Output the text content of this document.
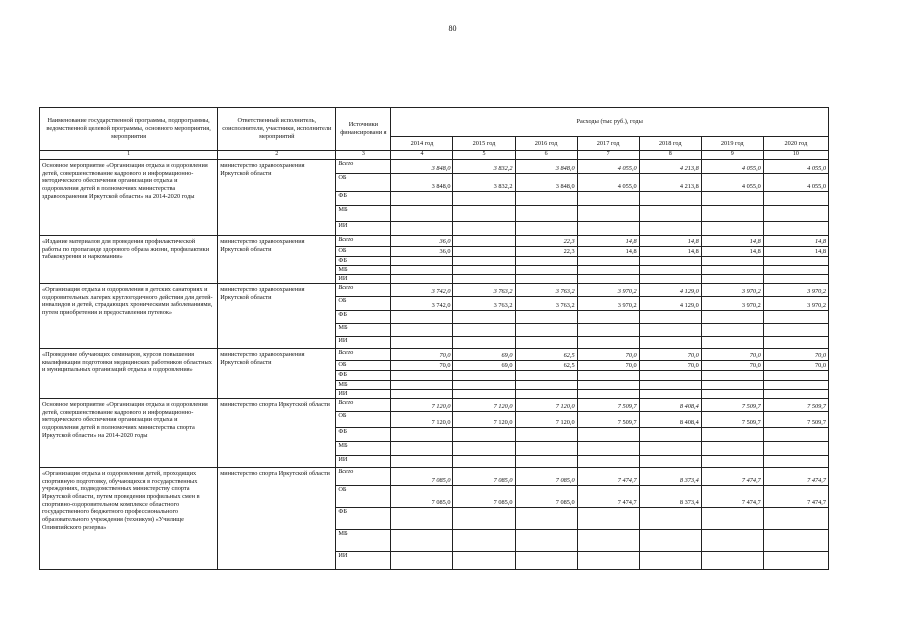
80
Наименование государственной программы, подпрограммы, ведомственной целевой программы, основного мероприятия, мероприятия	Ответственный исполнитель, соисполнители, участники, исполнители мероприятий	Источники финансировани я	Расходы (тыс руб.), годы						
			2014 год	2015 год	2016 год	2017 год	2018 год	2019 год	2020 год
1	2	3	4	5	6	7	8	9	10
Основное мероприятие «Организация отдыха и оздоровления детей, совершенствование кадрового и информационно-методического обеспечения организации отдыха и оздоровления детей в полномочиях министерства здравоохранения Иркутской области» на 2014-2020 годы	министерство здравоохранения Иркутской области	Всего	3 848,0	3 832,2	3 848,0	4 055,0	4 213,8	4 055,0	4 055,0
		ОБ	3 848,0	3 832,2	3 848,0	4 055,0	4 213,8	4 055,0	4 055,0
		ФБ							
		МБ							
		ИИ							
«Издание материалов для проведения профилактической работы по пропаганде здорового образа жизни, профилактики табакокурения и наркомании»	министерство здравоохранения Иркутской области	Всего	36,0		22,3	14,8	14,8	14,8	14,8
		ОБ	36,0		22,3	14,8	14,8	14,8	14,8
		ФБ							
		МБ							
		ИИ							
«Организация отдыха и оздоровления в детских санаториях и оздоровительных лагерях круглогодичного действия для детей-инвалидов и детей, страдающих хроническими заболеваниями, путем приобретения и предоставления путевок»	министерство здравоохранения Иркутской области	Всего	3 742,0	3 763,2	3 763,2	3 970,2	4 129,0	3 970,2	3 970,2
		ОБ	3 742,0	3 763,2	3 763,2	3 970,2	4 129,0	3 970,2	3 970,2
		ФБ							
		МБ							
		ИИ							
«Проведение обучающих семинаров, курсов повышения квалификации подготовки медицинских работников областных и муниципальных организаций отдыха и оздоровления»	министерство здравоохранения Иркутской области	Всего	70,0	69,0	62,5	70,0	70,0	70,0	70,0
		ОБ	70,0	69,0	62,5	70,0	70,0	70,0	70,0
		ФБ							
		МБ							
		ИИ							
Основное мероприятие «Организация отдыха и оздоровления детей, совершенствование кадрового и информационно-методического обеспечения организации отдыха и оздоровления детей в полномочиях министерства спорта Иркутской области» на 2014-2020 годы	министерство спорта Иркутской области	Всего	7 120,0	7 120,0	7 120,0	7 509,7	8 408,4	7 509,7	7 509,7
		ОБ	7 120,0	7 120,0	7 120,0	7 509,7	8 408,4	7 509,7	7 509,7
		ФБ							
		МБ							
		ИИ							
«Организация отдыха и оздоровления детей, проходящих спортивную подготовку, обучающихся в государственных учреждениях, подведомственных министерству спорта Иркутской области, путем проведения профильных смен в спортивно-оздоровительном комплексе областного государственного бюджетного профессионального образовательного учреждения (техникум) «Училище Олимпийского резерва»	министерство спорта Иркутской области	Всего	7 085,0	7 085,0	7 085,0	7 474,7	8 373,4	7 474,7	7 474,7
		ОБ	7 085,0	7 085,0	7 085,0	7 474,7	8 373,4	7 474,7	7 474,7
		ФБ							
		МБ							
		ИИ							
